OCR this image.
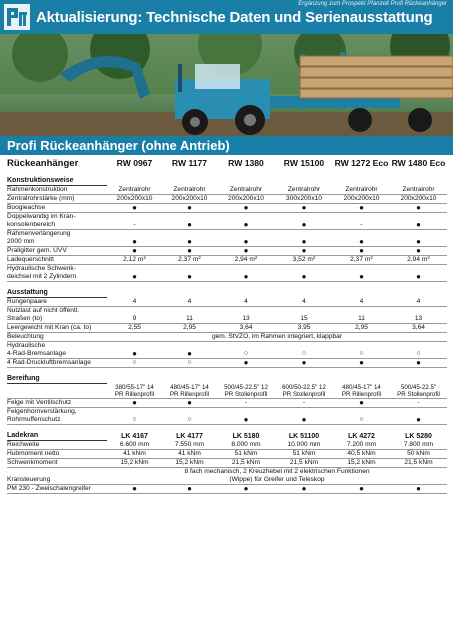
Ergänzung zum Prospekt Pfanzelt Profi Rückeanhänger
Aktualisierung: Technische Daten und Serienausstattung
Profi Rückeanhänger (ohne Antrieb)
Rückeanhänger	RW 0967	RW 1177	RW 1380	RW 15100	RW 1272 Eco	RW 1480 Eco
Konstruktionsweise						
Rahmenkonstruktion	Zentralrohr	Zentralrohr	Zentralrohr	Zentralrohr	Zentralrohr	Zentralrohr
Zentralrohrstärke (mm)	200x200x10	200x200x10	200x200x10	300x200x10	200x200x10	200x200x10
Boogieachse	●	●	●	●	●	●
Doppelwandig im Kran-
konsolenbereich	-	●	●	●	-	●
Rahmenverlängerung
2000 mm	●	●	●	●	●	●
Prallgitter gem. UVV	●	●	●	●	●	●
Ladequerschnitt	2,12 $m^2$	2,37 $m^2$	2,94 $m^2$	3,52 $m^2$	2,37 $m^2$	2,94 $m^2$
Hydraulische Schwenk-
deichsel mit 2 Zylindern	●	●	●	●	●	●
Ausstattung						
Rungenpaare	4	4	4	4	4	4
Nutzlast auf nicht öffentl.
Straßen (to)	9	11	13	15	11	13
Leergewicht mit Kran (ca. to)	2,55	2,95	3,64	3,95	2,95	3,64
Beleuchtung	gem. StVZO, im Rahmen integriert, klappbar					
Hydraulische
4-Rad-Bremsanlage	●	●	○	○	○	○
4 Rad-Druckluftbremsanlage	○	○	●	●	●	●
Bereifung						
	380/55-17" 14	480/45-17" 14	500/45-22.5" 12	600/50-22.5" 12	480/45-17" 14	500/45-22.5"
	PR Rillenprofil	PR Rillenprofil	PR Stollenprofil	PR Stollenprofil	PR Rillenprofil	PR Stollenprofil
Felge mit Ventilschutz	●	●	-	-	●	-
Felgenhornverstärkung,
Rohrmuffenschutz	○	○	●	●	○	●
Ladekran	LK 4167	LK 4177	LK 5180	LK 51100	LK 4272	LK 5280
Reichweite	6.600 mm	7.550 mm	8.000 mm	10.000 mm	7.200 mm	7.800 mm
Hubmoment netto	41 kNm	41 kNm	51 kNm	51 kNm	40,5 kNm	50 kNm
Schwenkmoment	15,2 kNm	15,2 kNm	21,5 kNm	21,5 kNm	15,2 kNm	21,5 kNm
Kransteuerung	8 fach mechanisch, 2 Kreuzhebel mit 2 elektrischen Funktionen
(Wippe) für Greifer und Teleskop					
PM 230 - Zweischalengreifer	●	●	●	●	●	●
